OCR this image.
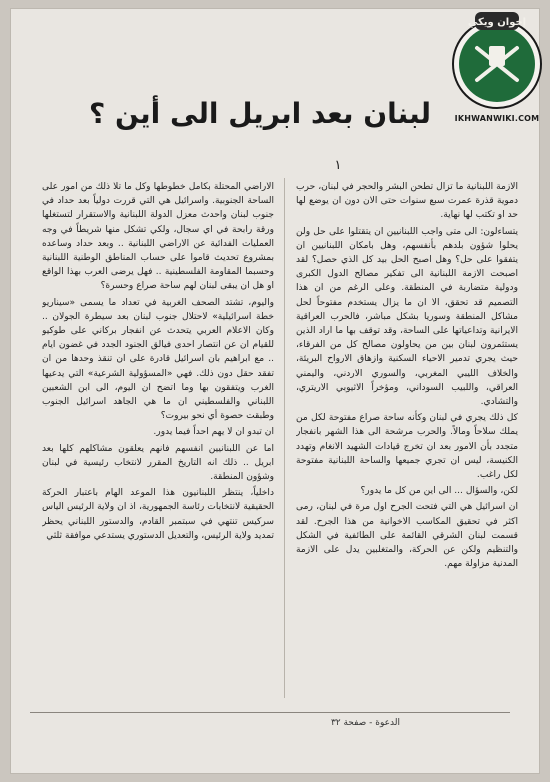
إخوان ويكي
IKHWANWIKI.COM
لبنان بعد ابريل الى أين ؟
١

الازمة اللبنانية ما تزال تطحن البشر والحجر في لبنان، حرب دموية قذرة عمرت سبع سنوات حتى الان دون ان يوضع لها حد او تكتب لها نهاية.

يتساءلون: الى متى واجب اللبنانيين ان يتقتلوا على حل ولن يحلوا شؤون بلدهم بأنفسهم، وهل بامكان اللبنانيين ان يتفقوا على حل؟ وهل اصبح الحل بيد كل الذي حصل؟ لقد اصبحت الازمة اللبنانية الى تفكير مصالح الدول الكبرى ودولية متضاربة في المنطقة. وعلى الرغم من ان هذا التصميم قد تحقق، الا ان ما يزال يستخدم مفتوحاً لحل مشاكل المنطقة وسوريا بشكل مباشر، فالحرب العراقية الايرانية وتداعياتها على الساحة، وقد توقف بها ما اراد الذين يستثمرون لبنان بين من يحاولون مصالح كل من الفرقاء، حيث يجري تدمير الاحياء السكنية وازهاق الارواح البريئة، والخلاف الليبي المغربي، والسوري الاردني، واليمني العراقي، واللبيب السوداني، ومؤخراً الاثيوبي الاريتري، والتشادي.

كل ذلك يجري في لبنان وكأنه ساحة صراع مفتوحة لكل من يملك سلاحاً ومالاً. والحرب مرشحة الى هذا الشهر بانفجار متجدد بأن الامور بعد ان تخرج قيادات الشهيد الانغام وتهدد الكنيسة، ليس ان تجري جميعها والساحة اللبنانية مفتوحة لكل راغب.

لكن، والسؤال ... الى اين من كل ما يدور؟

ان اسرائيل هي التي فتحت الجرح اول مرة في لبنان، رمى اكثر في تحقيق المكاسب الاخوانية من هذا الجرح. لقد قسمت لبنان الشرقي القائمة على الطائفية في الشكل والتنظيم ولكن عن الحركة، والمتغلبين يدل على الازمة المدنية مزاولة مهم.

الاراضي المحتلة بكامل خطوطها وكل ما تلا ذلك من امور على الساحة الجنوبية. واسرائيل هي التي قررت دولياً بعد حداد في جنوب لبنان واحدث معزل الدولة اللبنانية والاستقرار لتستغلها ورقة رابحة في اي سجال، ولكي تشكل منها شريطاً في وجه العمليات الفدائية عن الاراضي اللبنانية .. وبعد حداد وساعده بمشروع تحديث قاموا على حساب المناطق الوطنية اللبنانية وحسبما المقاومة الفلسطينية .. فهل يرضى العرب بهذا الواقع او هل ان يبقى لبنان لهم ساحة صراع وحسرة؟

واليوم، تشتد الصحف الغربية في تعداد ما يسمى «سيناريو خطة اسرائيلية» لاحتلال جنوب لبنان بعد سيطرة الجولان .. وكان الاعلام العربي يتحدث عن انفجار بركاني على طوكيو للقيام ان عن انتصار احدى فيالق الجنود الجدد في غضون ايام .. مع ابراهيم بان اسرائيل قادرة على ان تنقذ وحدها من ان تفقد حقل دون ذلك. فهي «المسؤولية الشرعية» التي يدعيها الغرب ويتفقون بها وما اتضح ان اليوم، الى ابن الشعبين اللبناني والفلسطيني ان ما هي الجاهد اسرائيل الجنوب وطبقت حصوة أي نحو بيروت؟

ان تبدو ان لا يهم احداً فيما يدور.

اما عن اللبنانيين انفسهم فانهم يعلقون مشاكلهم كلها بعد ابريل .. ذلك انه التاريخ المقرر لانتخاب رئيسية في لبنان وشؤون المنطقة.

داخلياً، ينتظر اللبنانيون هذا الموعد الهام باعتبار الحركة الحقيقية لانتخابات رئاسة الجمهورية، اذ ان ولاية الرئيس الياس سركيس تنتهي في سبتمبر القادم، والدستور اللبناني يحظر تمديد ولاية الرئيس، والتعديل الدستوري يستدعي موافقة ثلثي

الدعوة - صفحة ٣٢
